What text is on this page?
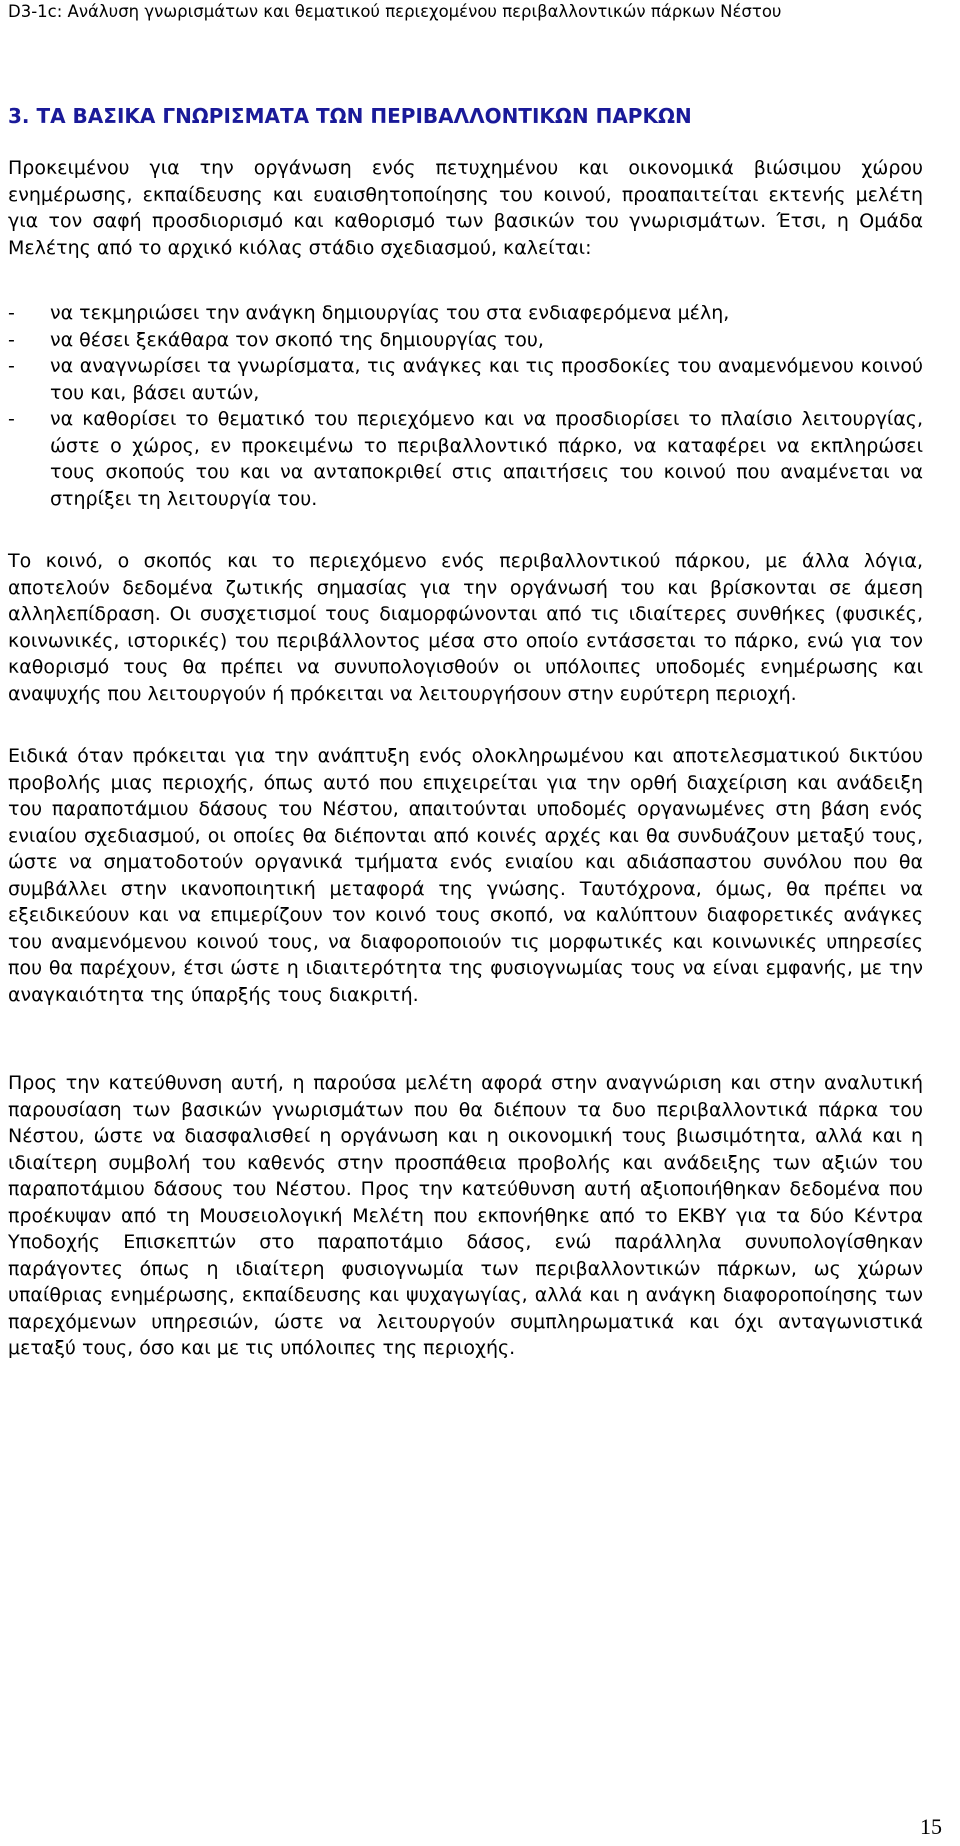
D3-1c: Ανάλυση γνωρισμάτων και θεματικού περιεχομένου περιβαλλοντικών πάρκων Νέστου
3. ΤΑ ΒΑΣΙΚΑ ΓΝΩΡΙΣΜΑΤΑ ΤΩΝ ΠΕΡΙΒΑΛΛΟΝΤΙΚΩΝ ΠΑΡΚΩΝ
Προκειμένου για την οργάνωση ενός πετυχημένου και οικονομικά βιώσιμου χώρου ενημέρωσης, εκπαίδευσης και ευαισθητοποίησης του κοινού, προαπαιτείται εκτενής μελέτη για τον σαφή προσδιορισμό και καθορισμό των βασικών του γνωρισμάτων. Έτσι, η Ομάδα Μελέτης από το αρχικό κιόλας στάδιο σχεδιασμού, καλείται:
- να τεκμηριώσει την ανάγκη δημιουργίας του στα ενδιαφερόμενα μέλη,
- να θέσει ξεκάθαρα τον σκοπό της δημιουργίας του,
- να αναγνωρίσει τα γνωρίσματα, τις ανάγκες και τις προσδοκίες του αναμενόμενου κοινού του και, βάσει αυτών,
- να καθορίσει το θεματικό του περιεχόμενο και να προσδιορίσει το πλαίσιο λειτουργίας, ώστε ο χώρος, εν προκειμένω το περιβαλλοντικό πάρκο, να καταφέρει να εκπληρώσει τους σκοπούς του και να ανταποκριθεί στις απαιτήσεις του κοινού που αναμένεται να στηρίξει τη λειτουργία του.
Το κοινό, ο σκοπός και το περιεχόμενο ενός περιβαλλοντικού πάρκου, με άλλα λόγια, αποτελούν δεδομένα ζωτικής σημασίας για την οργάνωσή του και βρίσκονται σε άμεση αλληλεπίδραση. Οι συσχετισμοί τους διαμορφώνονται από τις ιδιαίτερες συνθήκες (φυσικές, κοινωνικές, ιστορικές) του περιβάλλοντος μέσα στο οποίο εντάσσεται το πάρκο, ενώ για τον καθορισμό τους θα πρέπει να συνυπολογισθούν οι υπόλοιπες υποδομές ενημέρωσης και αναψυχής που λειτουργούν ή πρόκειται να λειτουργήσουν στην ευρύτερη περιοχή.
Ειδικά όταν πρόκειται για την ανάπτυξη ενός ολοκληρωμένου και αποτελεσματικού δικτύου προβολής μιας περιοχής, όπως αυτό που επιχειρείται για την ορθή διαχείριση και ανάδειξη του παραποτάμιου δάσους του Νέστου, απαιτούνται υποδομές οργανωμένες στη βάση ενός ενιαίου σχεδιασμού, οι οποίες θα διέπονται από κοινές αρχές και θα συνδυάζουν μεταξύ τους, ώστε να σηματοδοτούν οργανικά τμήματα ενός ενιαίου και αδιάσπαστου συνόλου που θα συμβάλλει στην ικανοποιητική μεταφορά της γνώσης. Ταυτόχρονα, όμως, θα πρέπει να εξειδικεύουν και να επιμερίζουν τον κοινό τους σκοπό, να καλύπτουν διαφορετικές ανάγκες του αναμενόμενου κοινού τους, να διαφοροποιούν τις μορφωτικές και κοινωνικές υπηρεσίες που θα παρέχουν, έτσι ώστε η ιδιαιτερότητα της φυσιογνωμίας τους να είναι εμφανής, με την αναγκαιότητα της ύπαρξής τους διακριτή.
Προς την κατεύθυνση αυτή, η παρούσα μελέτη αφορά στην αναγνώριση και στην αναλυτική παρουσίαση των βασικών γνωρισμάτων που θα διέπουν τα δυο περιβαλλοντικά πάρκα του Νέστου, ώστε να διασφαλισθεί η οργάνωση και η οικονομική τους βιωσιμότητα, αλλά και η ιδιαίτερη συμβολή του καθενός στην προσπάθεια προβολής και ανάδειξης των αξιών του παραποτάμιου δάσους του Νέστου. Προς την κατεύθυνση αυτή αξιοποιήθηκαν δεδομένα που προέκυψαν από τη Μουσειολογική Μελέτη που εκπονήθηκε από το ΕΚΒΥ για τα δύο Κέντρα Υποδοχής Επισκεπτών στο παραποτάμιο δάσος, ενώ παράλληλα συνυπολογίσθηκαν παράγοντες όπως η ιδιαίτερη φυσιογνωμία των περιβαλλοντικών πάρκων, ως χώρων υπαίθριας ενημέρωσης, εκπαίδευσης και ψυχαγωγίας, αλλά και η ανάγκη διαφοροποίησης των παρεχόμενων υπηρεσιών, ώστε να λειτουργούν συμπληρωματικά και όχι ανταγωνιστικά μεταξύ τους, όσο και με τις υπόλοιπες της περιοχής.
15
